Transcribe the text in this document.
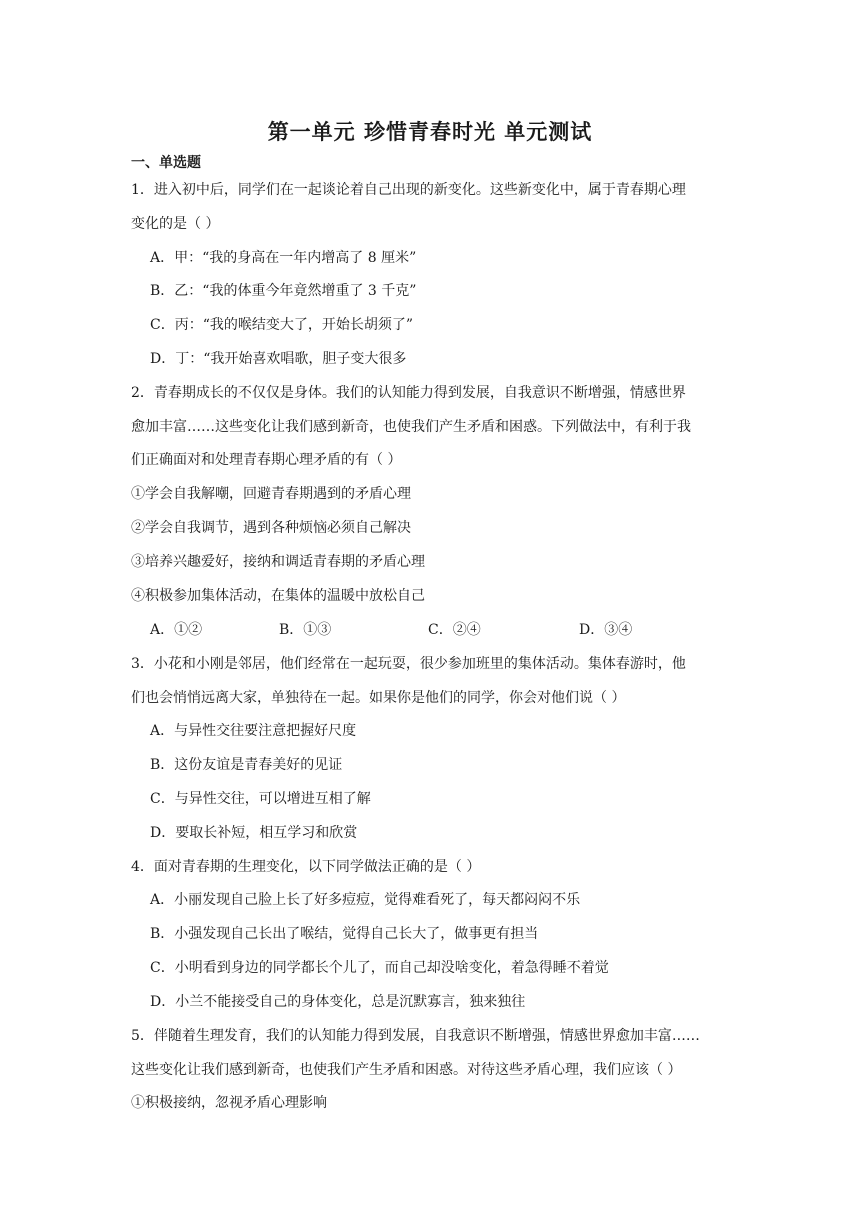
第一单元 珍惜青春时光 单元测试
一、单选题
1．进入初中后，同学们在一起谈论着自己出现的新变化。这些新变化中，属于青春期心理
变化的是（ ）
A．甲：“我的身高在一年内增高了 8 厘米”
B．乙：“我的体重今年竟然增重了 3 千克”
C．丙：“我的喉结变大了，开始长胡须了”
D．丁：“我开始喜欢唱歌，胆子变大很多
2．青春期成长的不仅仅是身体。我们的认知能力得到发展，自我意识不断增强，情感世界
愈加丰富……这些变化让我们感到新奇，也使我们产生矛盾和困惑。下列做法中，有利于我
们正确面对和处理青春期心理矛盾的有（ ）
①学会自我解嘲，回避青春期遇到的矛盾心理
②学会自我调节，遇到各种烦恼必须自己解决
③培养兴趣爱好，接纳和调适青春期的矛盾心理
④积极参加集体活动，在集体的温暖中放松自己
A．①②	B．①③	C．②④	D．③④
3．小花和小刚是邻居，他们经常在一起玩耍，很少参加班里的集体活动。集体春游时，他
们也会悄悄远离大家，单独待在一起。如果你是他们的同学，你会对他们说（ ）
A．与异性交往要注意把握好尺度
B．这份友谊是青春美好的见证
C．与异性交往，可以增进互相了解
D．要取长补短，相互学习和欣赏
4．面对青春期的生理变化，以下同学做法正确的是（ ）
A．小丽发现自己脸上长了好多痘痘，觉得难看死了，每天都闷闷不乐
B．小强发现自己长出了喉结，觉得自己长大了，做事更有担当
C．小明看到身边的同学都长个儿了，而自己却没啥变化，着急得睡不着觉
D．小兰不能接受自己的身体变化，总是沉默寡言，独来独往
5．伴随着生理发育，我们的认知能力得到发展，自我意识不断增强，情感世界愈加丰富……
这些变化让我们感到新奇，也使我们产生矛盾和困惑。对待这些矛盾心理，我们应该（ ）
①积极接纳，忽视矛盾心理影响
